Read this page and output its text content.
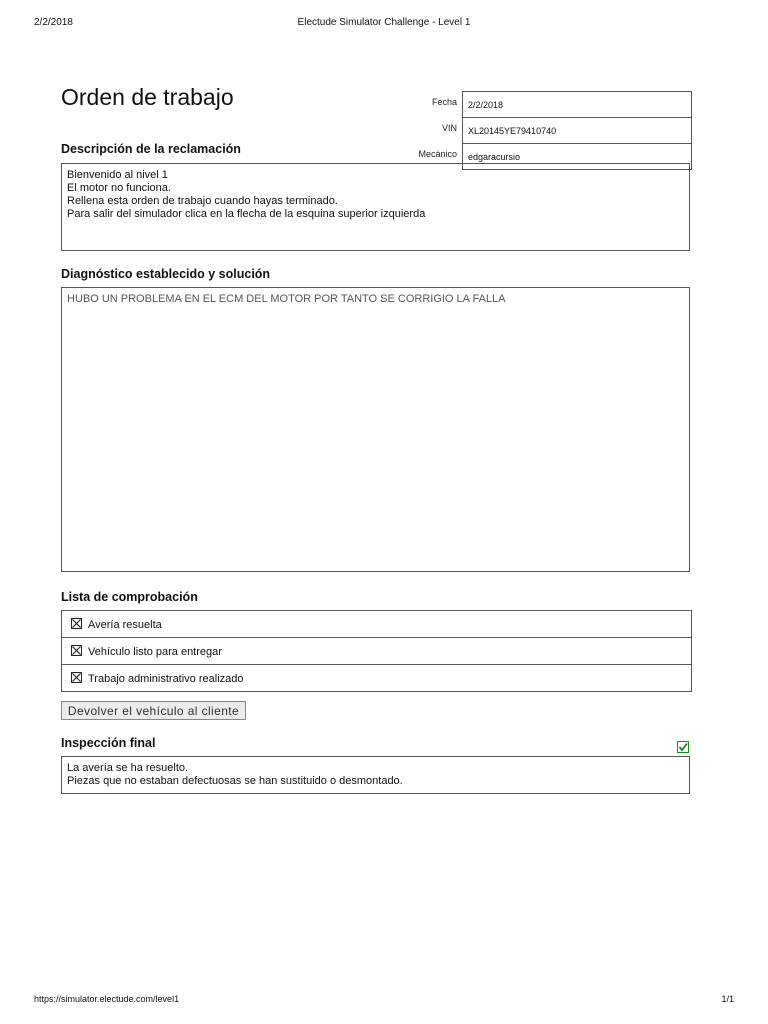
2/2/2018	Electude Simulator Challenge - Level 1
Orden de trabajo	Fecha	2/2/2018
VIN	XL20145YE79410740
Mecánico	edgaracursio
Descripción de la reclamación
Bienvenido al nivel 1
El motor no funciona.
Rellena esta orden de trabajo cuando hayas terminado.
Para salir del simulador clica en la flecha de la esquina superior izquierda
Diagnóstico establecido y solución
HUBO UN PROBLEMA EN EL ECM DEL MOTOR POR TANTO SE CORRIGIO LA FALLA
Lista de comprobación
Avería resuelta

Vehículo listo para entregar

Trabajo administrativo realizado
Devolver el vehículo al cliente
Inspección final
La avería se ha resuelto.
Piezas que no estaban defectuosas se han sustituido o desmontado.
https://simulator.electude.com/level1	1/1
